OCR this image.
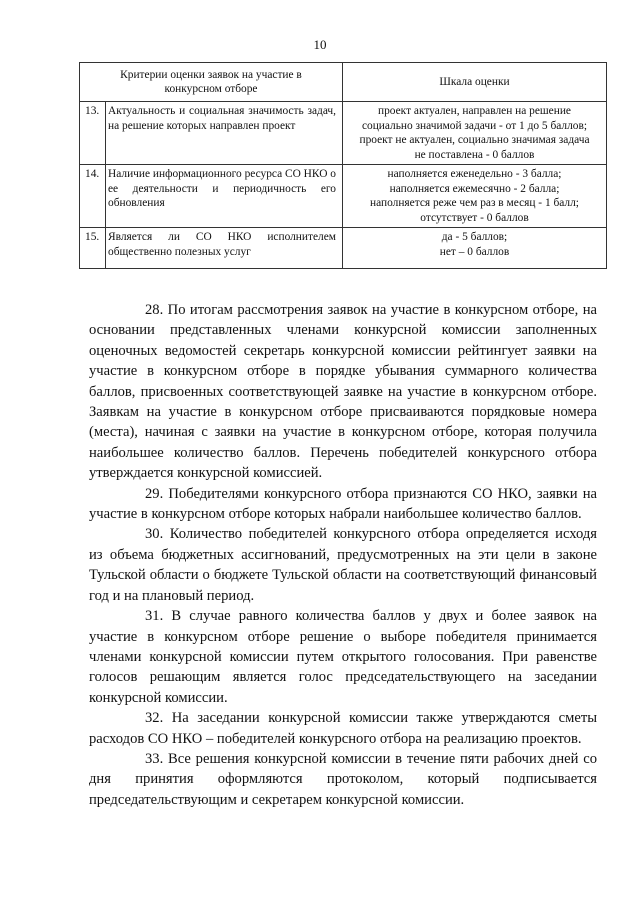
10
Критерии оценки заявок на участие в конкурсном отборе		Шкала оценки
13.	Актуальность и социальная значимость задач, на решение которых направлен проект	проект актуален, направлен на решение
социально значимой задачи - от 1 до 5 баллов;
проект не актуален, социально значимая задача
не поставлена - 0 баллов

14.	Наличие информационного ресурса СО НКО о ее деятельности и периодичность его обновления	наполняется еженедельно - 3 балла;
наполняется ежемесячно - 2 балла;
наполняется реже чем раз в месяц - 1 балл;
отсутствует - 0 баллов

15.	Является ли СО НКО исполнителем общественно полезных услуг	да - 5 баллов;
нет – 0 баллов

28. По итогам рассмотрения заявок на участие в конкурсном отборе, на основании представленных членами конкурсной комиссии заполненных оценочных ведомостей секретарь конкурсной комиссии рейтингует заявки на участие в конкурсном отборе в порядке убывания суммарного количества баллов, присвоенных соответствующей заявке на участие в конкурсном отборе. Заявкам на участие в конкурсном отборе присваиваются порядковые номера (места), начиная с заявки на участие в конкурсном отборе, которая получила наибольшее количество баллов. Перечень победителей конкурсного отбора утверждается конкурсной комиссией.

29. Победителями конкурсного отбора признаются СО НКО, заявки на участие в конкурсном отборе которых набрали наибольшее количество баллов.

30. Количество победителей конкурсного отбора определяется исходя из объема бюджетных ассигнований, предусмотренных на эти цели в законе Тульской области о бюджете Тульской области на соответствующий финансовый год и на плановый период.

31. В случае равного количества баллов у двух и более заявок на участие в конкурсном отборе решение о выборе победителя принимается членами конкурсной комиссии путем открытого голосования. При равенстве голосов решающим является голос председательствующего на заседании конкурсной комиссии.

32. На заседании конкурсной комиссии также утверждаются сметы расходов СО НКО – победителей конкурсного отбора на реализацию проектов.

33. Все решения конкурсной комиссии в течение пяти рабочих дней со дня принятия оформляются протоколом, который подписывается председательствующим и секретарем конкурсной комиссии.
